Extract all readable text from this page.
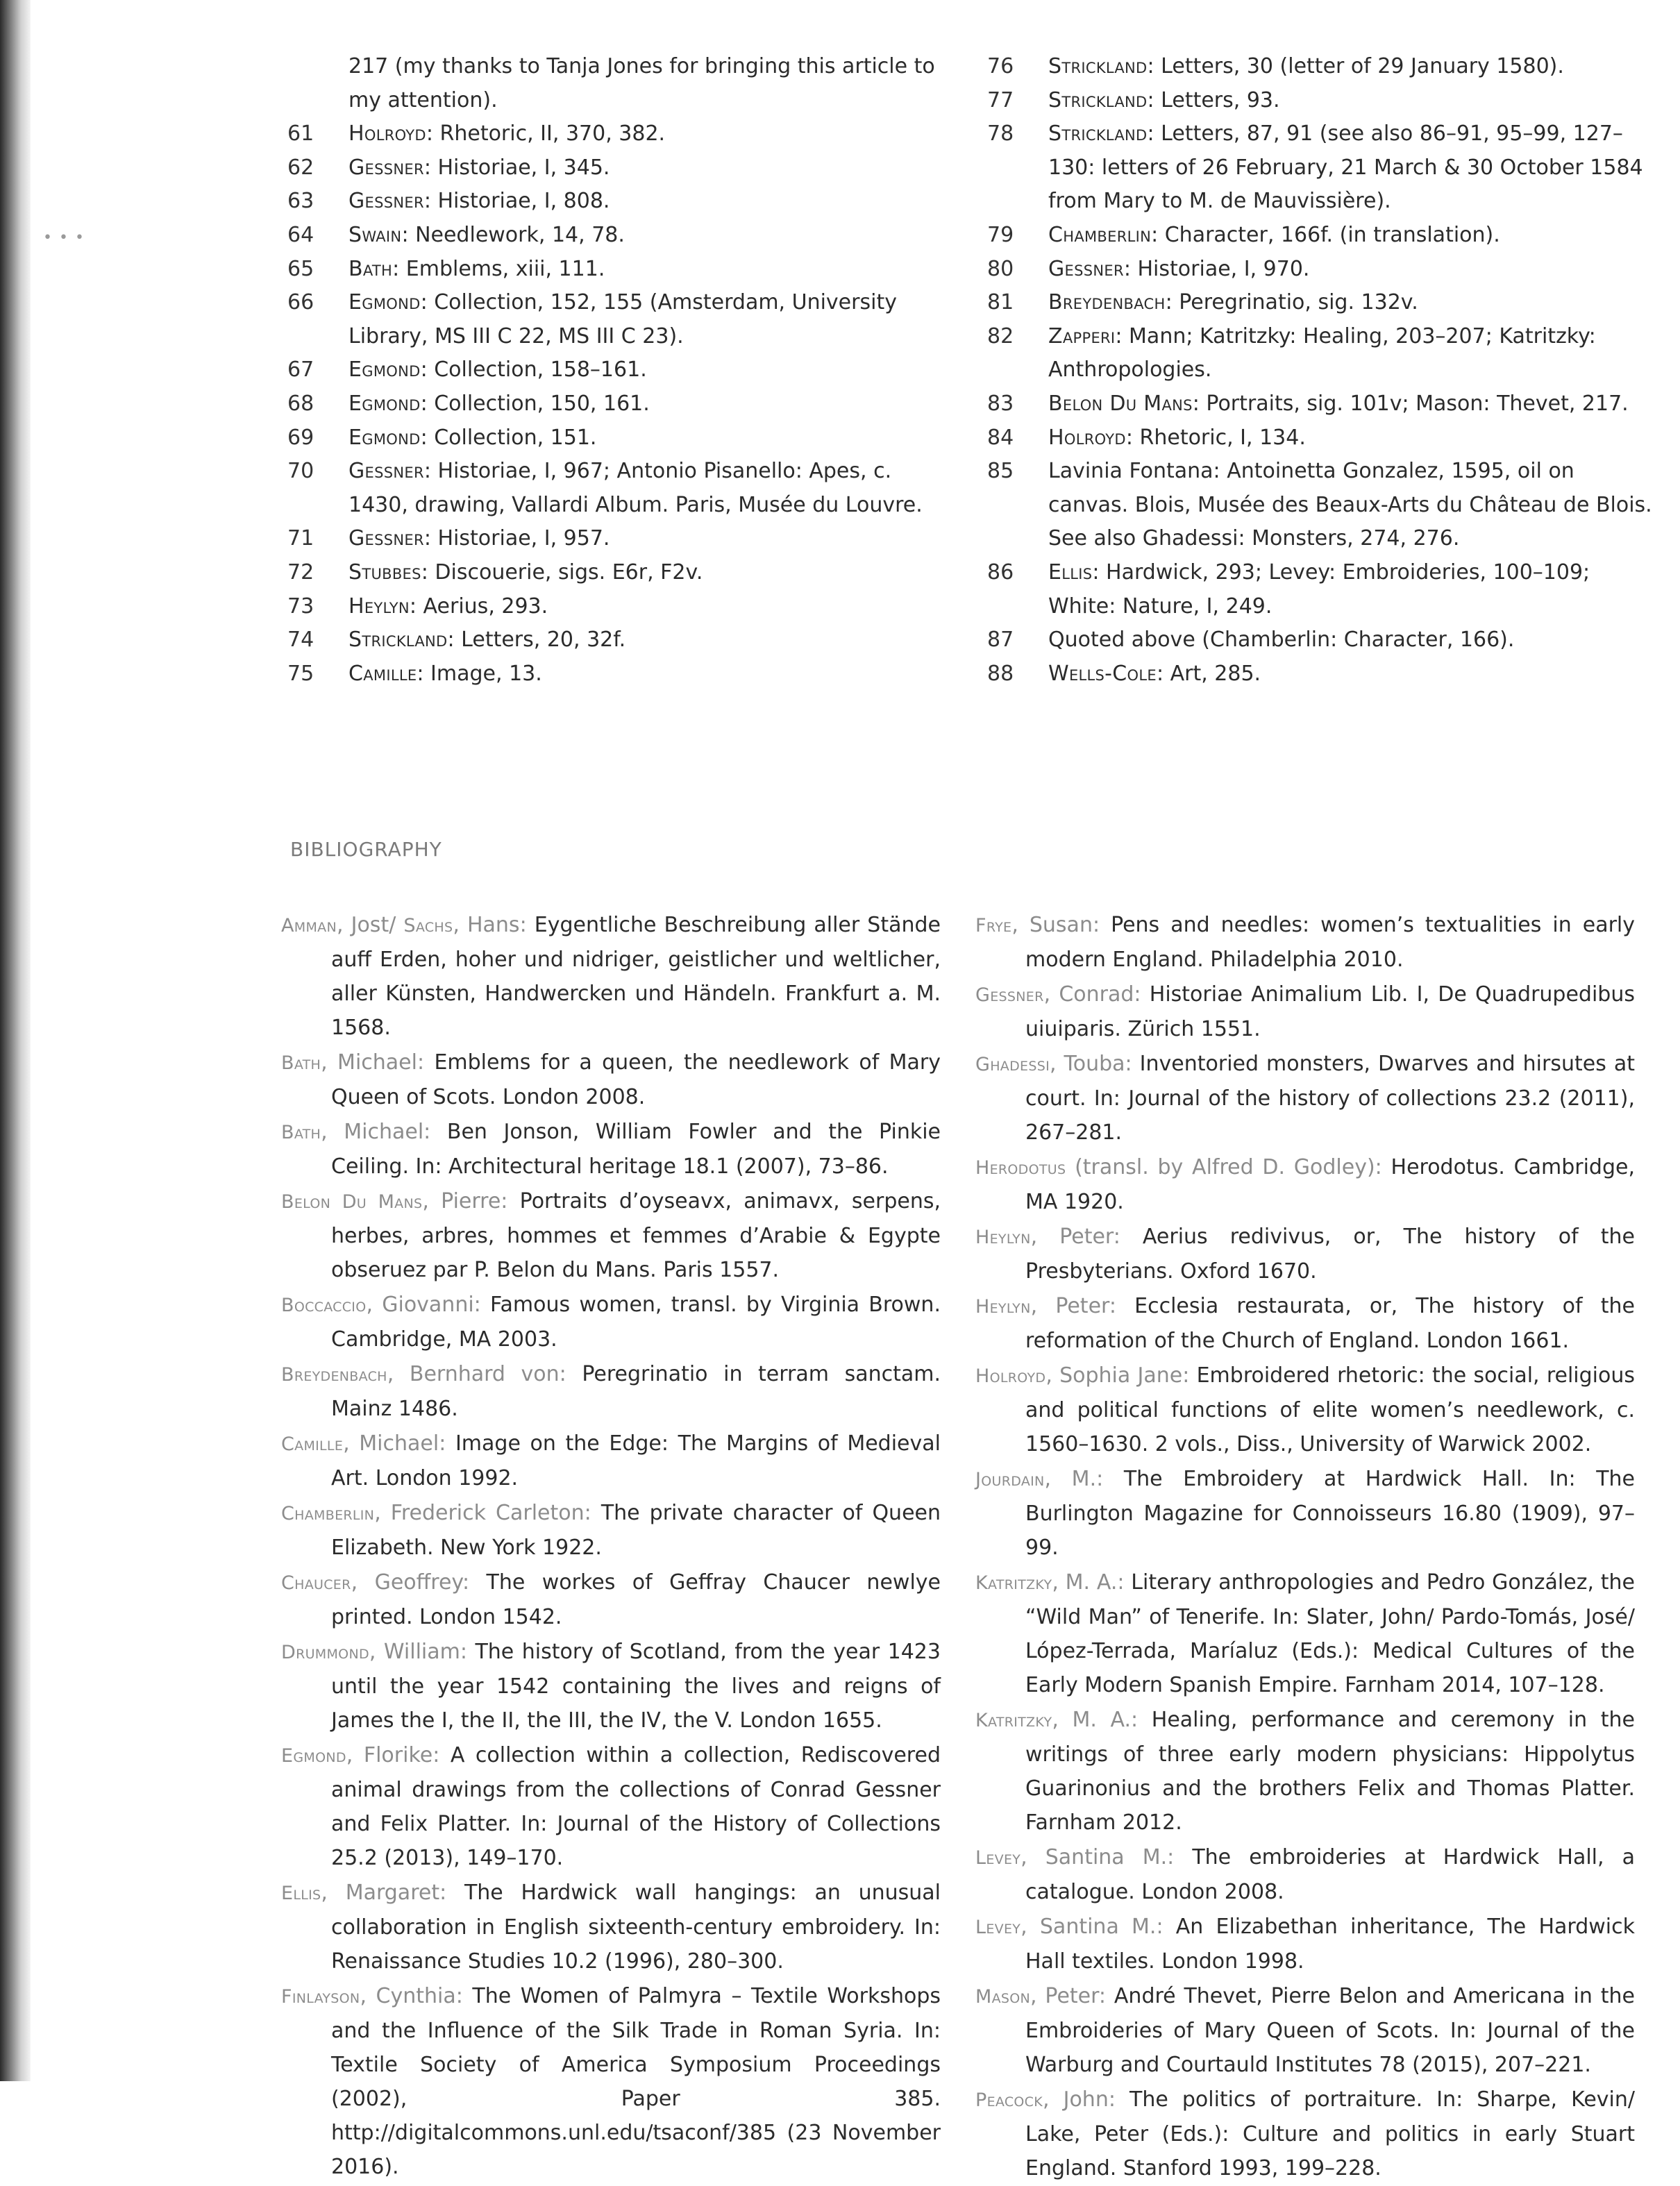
•••
217 (my thanks to Tanja Jones for bringing this article to my attention).
61	Holroyd: Rhetoric, II, 370, 382.
62	Gessner: Historiae, I, 345.
63	Gessner: Historiae, I, 808.
64	Swain: Needlework, 14, 78.
65	Bath: Emblems, xiii, 111.
66	Egmond: Collection, 152, 155 (Amsterdam, University Library, MS III C 22, MS III C 23).
67	Egmond: Collection, 158–161.
68	Egmond: Collection, 150, 161.
69	Egmond: Collection, 151.
70	Gessner: Historiae, I, 967; Antonio Pisanello: Apes, c. 1430, drawing, Vallardi Album. Paris, Musée du Louvre.
71	Gessner: Historiae, I, 957.
72	Stubbes: Discouerie, sigs. E6r, F2v.
73	Heylyn: Aerius, 293.
74	Strickland: Letters, 20, 32f.
75	Camille: Image, 13.
76	Strickland: Letters, 30 (letter of 29 January 1580).
77	Strickland: Letters, 93.
78	Strickland: Letters, 87, 91 (see also 86–91, 95–99, 127–130: letters of 26 February, 21 March & 30 October 1584 from Mary to M. de Mauvissière).
79	Chamberlin: Character, 166f. (in translation).
80	Gessner: Historiae, I, 970.
81	Breydenbach: Peregrinatio, sig. 132v.
82	Zapperi: Mann; Katritzky: Healing, 203–207; Katritzky: Anthropologies.
83	Belon Du Mans: Portraits, sig. 101v; Mason: Thevet, 217.
84	Holroyd: Rhetoric, I, 134.
85	Lavinia Fontana: Antoinetta Gonzalez, 1595, oil on canvas. Blois, Musée des Beaux-Arts du Château de Blois. See also Ghadessi: Monsters, 274, 276.
86	Ellis: Hardwick, 293; Levey: Embroideries, 100–109; White: Nature, I, 249.
87	Quoted above (Chamberlin: Character, 166).
88	Wells-Cole: Art, 285.
BIBLIOGRAPHY
Amman, Jost/ Sachs, Hans: Eygentliche Beschreibung aller Stände auff Erden, hoher und nidriger, geistlicher und weltlicher, aller Künsten, Handwercken und Händeln. Frankfurt a. M. 1568.
Bath, Michael: Emblems for a queen, the needlework of Mary Queen of Scots. London 2008.
Bath, Michael: Ben Jonson, William Fowler and the Pinkie Ceiling. In: Architectural heritage 18.1 (2007), 73–86.
Belon Du Mans, Pierre: Portraits d’oyseavx, animavx, serpens, herbes, arbres, hommes et femmes d’Arabie & Egypte obseruez par P. Belon du Mans. Paris 1557.
Boccaccio, Giovanni: Famous women, transl. by Virginia Brown. Cambridge, MA 2003.
Breydenbach, Bernhard von: Peregrinatio in terram sanctam. Mainz 1486.
Camille, Michael: Image on the Edge: The Margins of Medieval Art. London 1992.
Chamberlin, Frederick Carleton: The private character of Queen Elizabeth. New York 1922.
Chaucer, Geoffrey: The workes of Geffray Chaucer newlye printed. London 1542.
Drummond, William: The history of Scotland, from the year 1423 until the year 1542 containing the lives and reigns of James the I, the II, the III, the IV, the V. London 1655.
Egmond, Florike: A collection within a collection, Rediscovered animal drawings from the collections of Conrad Gessner and Felix Platter. In: Journal of the History of Collections 25.2 (2013), 149–170.
Ellis, Margaret: The Hardwick wall hangings: an unusual collaboration in English sixteenth-century embroidery. In: Renaissance Studies 10.2 (1996), 280–300.
Finlayson, Cynthia: The Women of Palmyra – Textile Workshops and the Influence of the Silk Trade in Roman Syria. In: Textile Society of America Symposium Proceedings (2002), Paper 385. http://digitalcommons.unl.edu/tsaconf/385 (23 November 2016).
Frye, Susan: Pens and needles: women’s textualities in early modern England. Philadelphia 2010.
Gessner, Conrad: Historiae Animalium Lib. I, De Quadrupedibus uiuiparis. Zürich 1551.
Ghadessi, Touba: Inventoried monsters, Dwarves and hirsutes at court. In: Journal of the history of collections 23.2 (2011), 267–281.
Herodotus (transl. by Alfred D. Godley): Herodotus. Cambridge, MA 1920.
Heylyn, Peter: Aerius redivivus, or, The history of the Presbyterians. Oxford 1670.
Heylyn, Peter: Ecclesia restaurata, or, The history of the reformation of the Church of England. London 1661.
Holroyd, Sophia Jane: Embroidered rhetoric: the social, religious and political functions of elite women’s needlework, c. 1560–1630. 2 vols., Diss., University of Warwick 2002.
Jourdain, M.: The Embroidery at Hardwick Hall. In: The Burlington Magazine for Connoisseurs 16.80 (1909), 97–99.
Katritzky, M. A.: Literary anthropologies and Pedro González, the “Wild Man” of Tenerife. In: Slater, John/ Pardo-Tomás, José/ López-Terrada, Maríaluz (Eds.): Medical Cultures of the Early Modern Spanish Empire. Farnham 2014, 107–128.
Katritzky, M. A.: Healing, performance and ceremony in the writings of three early modern physicians: Hippolytus Guarinonius and the brothers Felix and Thomas Platter. Farnham 2012.
Levey, Santina M.: The embroideries at Hardwick Hall, a catalogue. London 2008.
Levey, Santina M.: An Elizabethan inheritance, The Hardwick Hall textiles. London 1998.
Mason, Peter: André Thevet, Pierre Belon and Americana in the Embroideries of Mary Queen of Scots. In: Journal of the Warburg and Courtauld Institutes 78 (2015), 207–221.
Peacock, John: The politics of portraiture. In: Sharpe, Kevin/ Lake, Peter (Eds.): Culture and politics in early Stuart England. Stanford 1993, 199–228.
